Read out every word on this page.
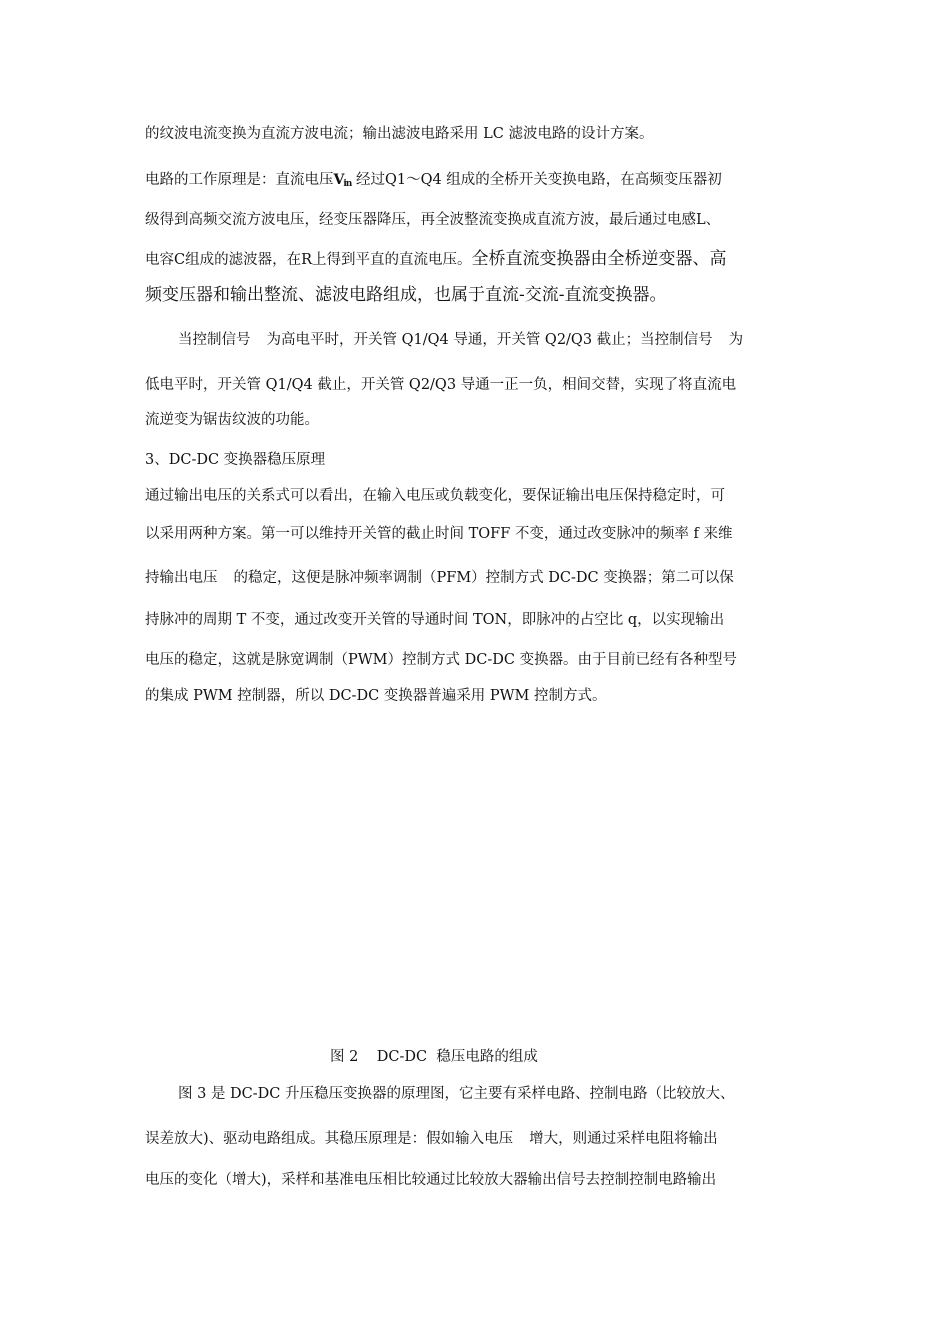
的纹波电流变换为直流方波电流；输出滤波电路采用 LC 滤波电路的设计方案。
电路的工作原理是：直流电压$V_{in}$ 经过Q1～Q4 组成的全桥开关变换电路，在高频变压器初
级得到高频交流方波电压，经变压器降压，再全波整流变换成直流方波，最后通过电感L、
电容C组成的滤波器，在R上得到平直的直流电压。全桥直流变换器由全桥逆变器、高
频变压器和输出整流、滤波电路组成，也属于直流-交流-直流变换器。
当控制信号 为高电平时，开关管 Q1/Q4 导通，开关管 Q2/Q3 截止；当控制信号 为
低电平时，开关管 Q1/Q4 截止，开关管 Q2/Q3 导通一正一负，相间交替，实现了将直流电
流逆变为锯齿纹波的功能。
3、DC-DC 变换器稳压原理
通过输出电压的关系式可以看出，在输入电压或负载变化，要保证输出电压保持稳定时，可
以采用两种方案。第一可以维持开关管的截止时间 TOFF 不变，通过改变脉冲的频率 f 来维
持输出电压 的稳定，这便是脉冲频率调制（PFM）控制方式 DC-DC 变换器；第二可以保
持脉冲的周期 T 不变，通过改变开关管的导通时间 TON，即脉冲的占空比 q，以实现输出
电压的稳定，这就是脉宽调制（PWM）控制方式 DC-DC 变换器。由于目前已经有各种型号
的集成 PWM 控制器，所以 DC-DC 变换器普遍采用 PWM 控制方式。
图 2    DC-DC  稳压电路的组成
图 3 是 DC-DC 升压稳压变换器的原理图，它主要有采样电路、控制电路（比较放大、
误差放大)、驱动电路组成。其稳压原理是：假如输入电压 增大，则通过采样电阻将输出
电压的变化（增大)，采样和基准电压相比较通过比较放大器输出信号去控制控制电路输出
